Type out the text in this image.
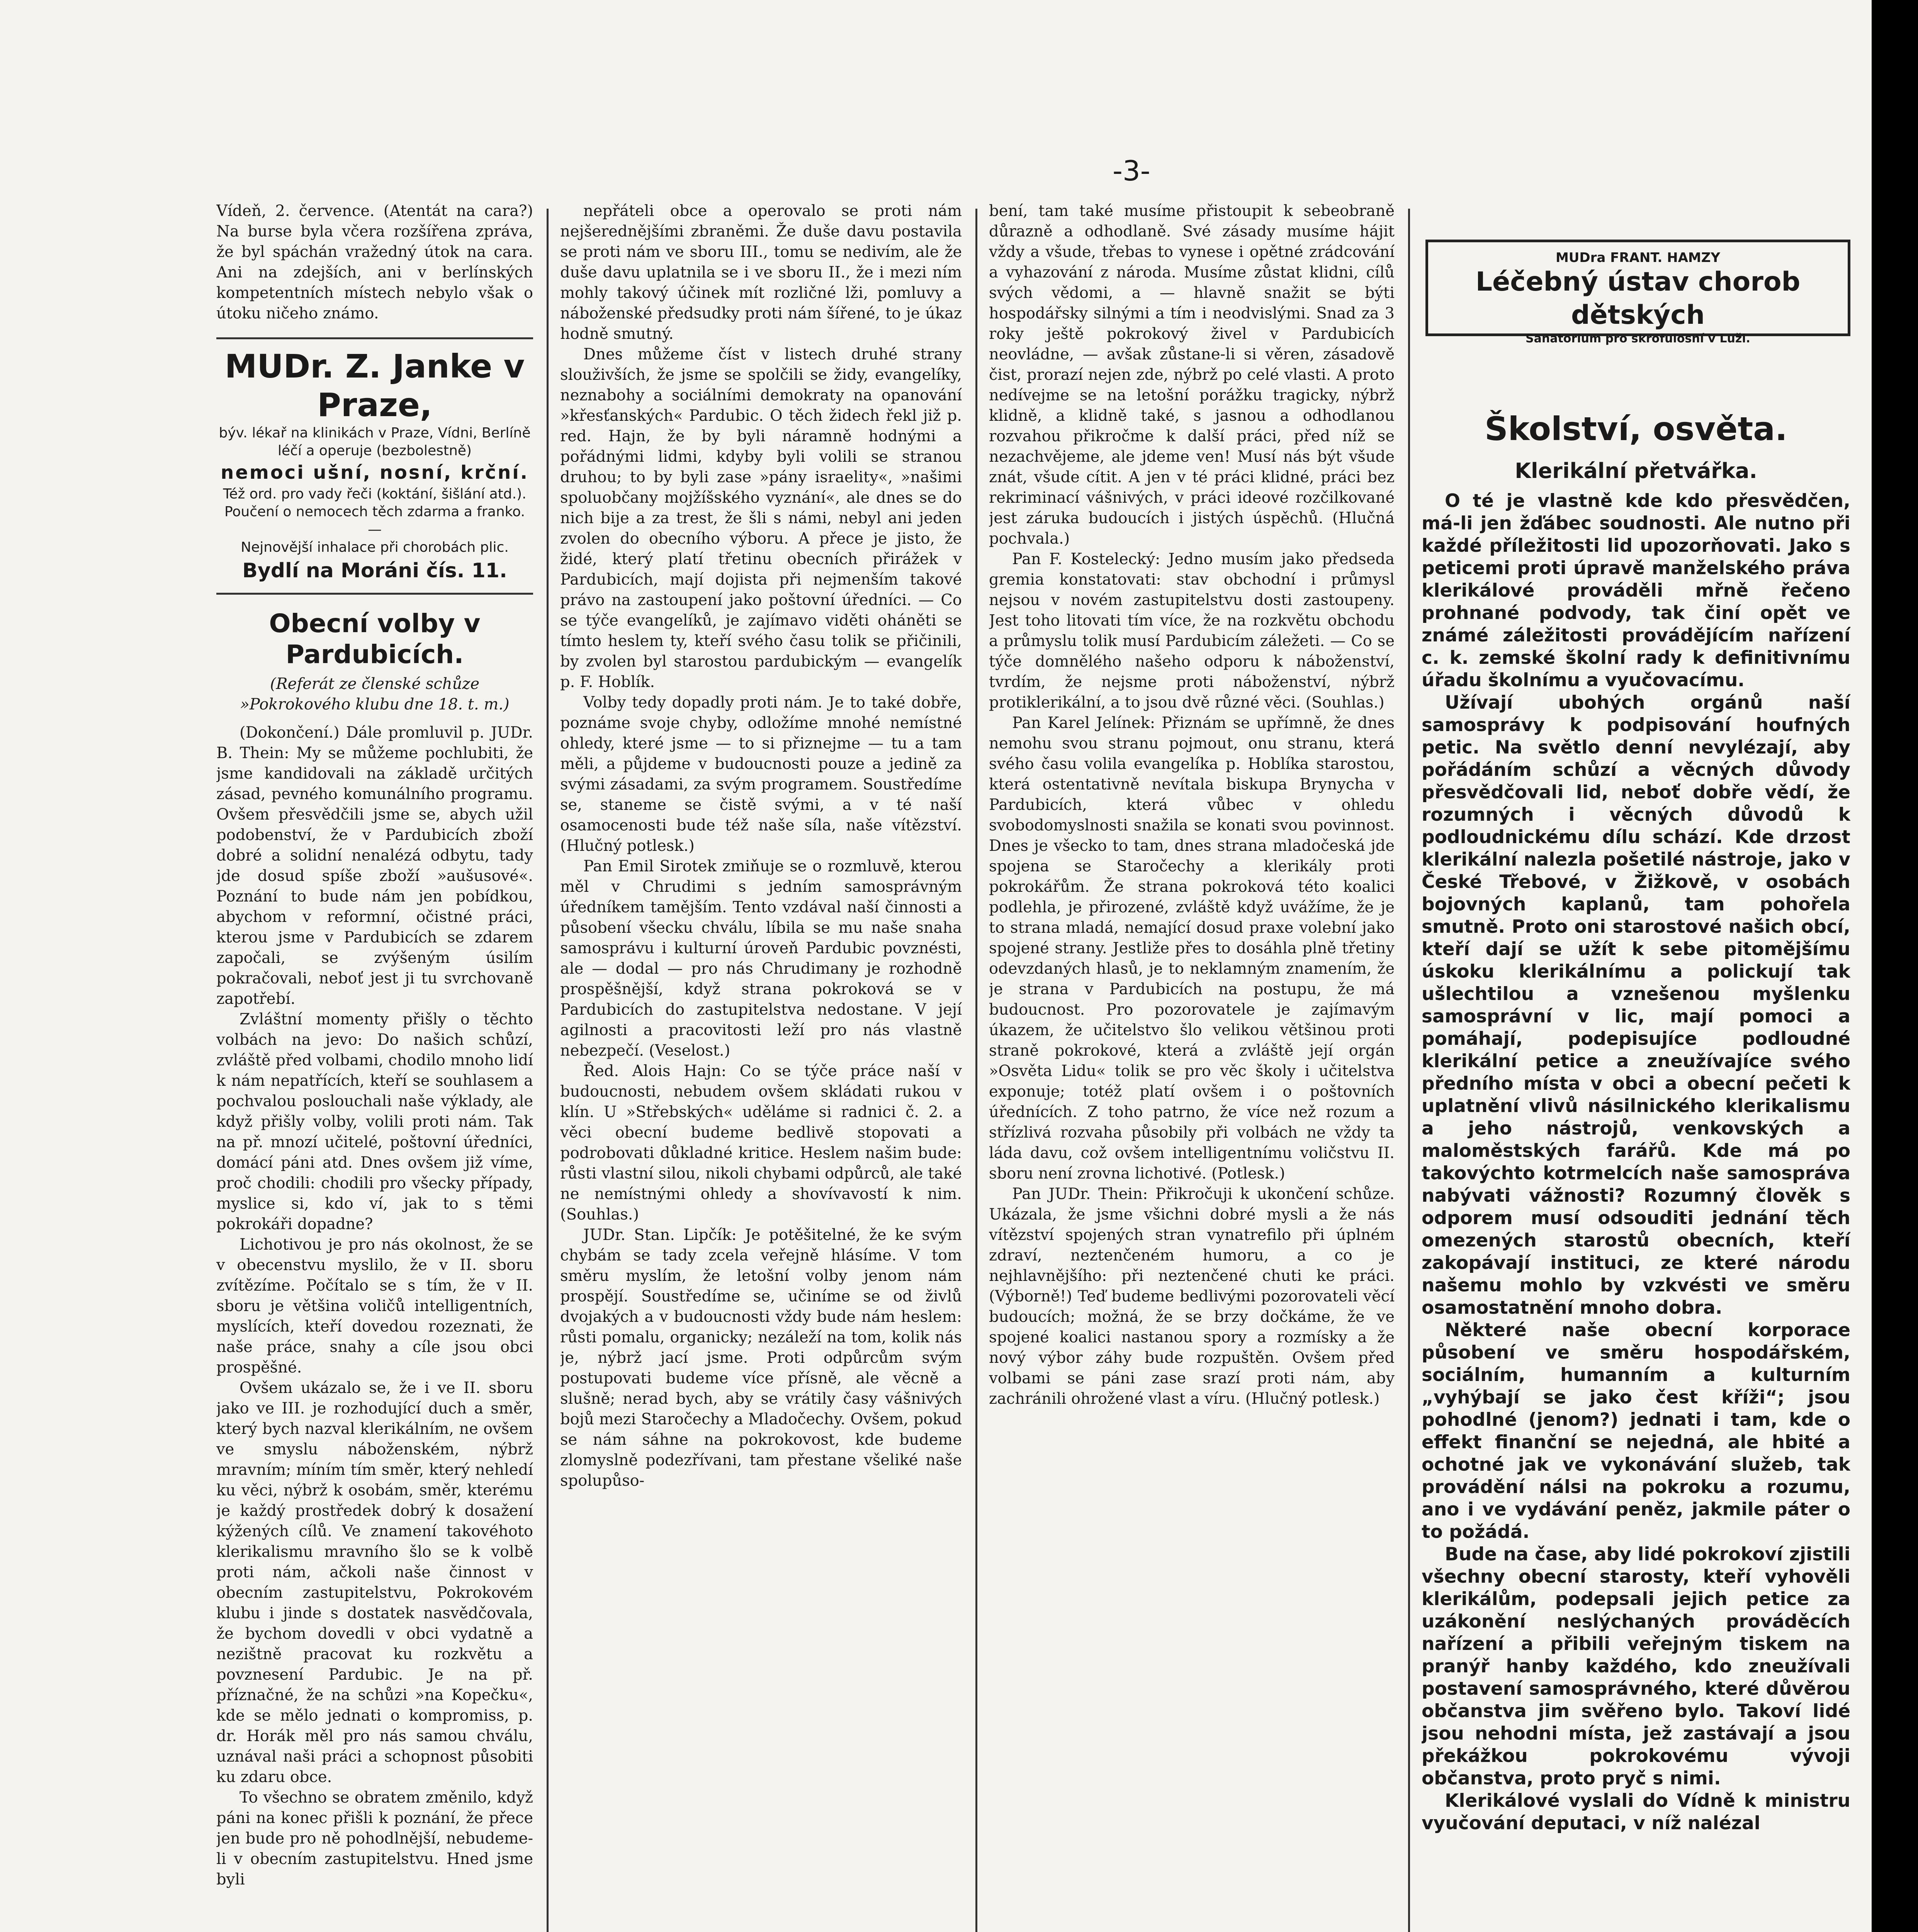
-3-

Vídeň, 2. července. (Atentát na cara?) Na burse byla včera rozšířena zpráva, že byl spáchán vražedný útok na cara. Ani na zdejších, ani v berlínských kompetentních místech nebylo však o útoku ničeho známo.

MUDr. Z. Janke v Praze,
býv. lékař na klinikách v Praze, Vídni, Berlíně
léčí a operuje (bezbolestně)
nemoci ušní, nosní, krční.
Též ord. pro vady řeči (koktání, šišlání atd.).
Poučení o nemocech těch zdarma a franko. —
Nejnovější inhalace při chorobách plic.
Bydlí na Moráni čís. 11.
Obecní volby v Pardubicích.
(Referát ze členské schůze »Pokrokového klubu dne 18. t. m.)

(Dokončení.) Dále promluvil p. JUDr. B. Thein: My se můžeme pochlubiti, že jsme kandidovali na základě určitých zásad, pevného komunálního programu. Ovšem přesvědčili jsme se, abych užil podobenství, že v Pardubicích zboží dobré a solidní nenalézá odbytu, tady jde dosud spíše zboží »aušusové«. Poznání to bude nám jen pobídkou, abychom v reformní, očistné práci, kterou jsme v Pardubicích se zdarem započali, se zvýšeným úsilím pokračovali, neboť jest ji tu svrchovaně zapotřebí.

Zvláštní momenty přišly o těchto volbách na jevo: Do našich schůzí, zvláště před volbami, chodilo mnoho lidí k nám nepatřících, kteří se souhlasem a pochvalou poslouchali naše výklady, ale když přišly volby, volili proti nám. Tak na př. mnozí učitelé, poštovní úředníci, domácí páni atd. Dnes ovšem již víme, proč chodili: chodili pro všecky případy, myslice si, kdo ví, jak to s těmi pokrokáři dopadne?

Lichotivou je pro nás okolnost, že se v obecenstvu myslilo, že v II. sboru zvítězíme. Počítalo se s tím, že v II. sboru je většina voličů intelligentních, myslících, kteří dovedou rozeznati, že naše práce, snahy a cíle jsou obci prospěšné.

Ovšem ukázalo se, že i ve II. sboru jako ve III. je rozhodující duch a směr, který bych nazval klerikálním, ne ovšem ve smyslu náboženském, nýbrž mravním; míním tím směr, který nehledí ku věci, nýbrž k osobám, směr, kterému je každý prostředek dobrý k dosažení kýžených cílů. Ve znamení takovéhoto klerikalismu mravního šlo se k volbě proti nám, ačkoli naše činnost v obecním zastupitelstvu, Pokrokovém klubu i jinde s dostatek nasvědčovala, že bychom dovedli v obci vydatně a nezištně pracovat ku rozkvětu a povznesení Pardubic. Je na př. příznačné, že na schůzi »na Kopečku«, kde se mělo jednati o kompromiss, p. dr. Horák měl pro nás samou chválu, uznával naši práci a schopnost působiti ku zdaru obce.

To všechno se obratem změnilo, když páni na konec přišli k poznání, že přece jen bude pro ně pohodlnější, nebudeme-li v obecním zastupitelstvu. Hned jsme byli

nepřáteli obce a operovalo se proti nám nejšerednějšími zbraněmi. Že duše davu postavila se proti nám ve sboru III., tomu se nedivím, ale že duše davu uplatnila se i ve sboru II., že i mezi ním mohly takový účinek mít rozličné lži, pomluvy a náboženské předsudky proti nám šířené, to je úkaz hodně smutný.

Dnes můžeme číst v listech druhé strany slouživších, že jsme se spolčili se židy, evangelíky, neznabohy a sociálními demokraty na opanování »křesťanských« Pardubic. O těch židech řekl již p. red. Hajn, že by byli náramně hodnými a pořádnými lidmi, kdyby byli volili se stranou druhou; to by byli zase »pány israelity«, »našimi spoluobčany mojžíšského vyznání«, ale dnes se do nich bije a za trest, že šli s námi, nebyl ani jeden zvolen do obecního výboru. A přece je jisto, že židé, který platí třetinu obecních přirážek v Pardubicích, mají dojista při nejmenším takové právo na zastoupení jako poštovní úředníci. — Co se týče evangelíků, je zajímavo viděti oháněti se tímto heslem ty, kteří svého času tolik se přičinili, by zvolen byl starostou pardubickým — evangelík p. F. Hoblík.

Volby tedy dopadly proti nám. Je to také dobře, poznáme svoje chyby, odložíme mnohé nemístné ohledy, které jsme — to si přiznejme — tu a tam měli, a půjdeme v budoucnosti pouze a jedině za svými zásadami, za svým programem. Soustředíme se, staneme se čistě svými, a v té naší osamocenosti bude též naše síla, naše vítězství. (Hlučný potlesk.)

Pan Emil Sirotek zmiňuje se o rozmluvě, kterou měl v Chrudimi s jedním samosprávným úředníkem tamějším. Tento vzdával naší činnosti a působení všecku chválu, líbila se mu naše snaha samosprávu i kulturní úroveň Pardubic povznésti, ale — dodal — pro nás Chrudimany je rozhodně prospěšnější, když strana pokroková se v Pardubicích do zastupitelstva nedostane. V její agilnosti a pracovitosti leží pro nás vlastně nebezpečí. (Veselost.)

Řed. Alois Hajn: Co se týče práce naší v budoucnosti, nebudem ovšem skládati rukou v klín. U »Střebských« uděláme si radnici č. 2. a věci obecní budeme bedlivě stopovati a podrobovati důkladné kritice. Heslem našim bude: růsti vlastní silou, nikoli chybami odpůrců, ale také ne nemístnými ohledy a shovívavostí k nim. (Souhlas.)

JUDr. Stan. Lipčík: Je potěšitelné, že ke svým chybám se tady zcela veřejně hlásíme. V tom směru myslím, že letošní volby jenom nám prospějí. Soustředíme se, učiníme se od živlů dvojakých a v budoucnosti vždy bude nám heslem: růsti pomalu, organicky; nezáleží na tom, kolik nás je, nýbrž jací jsme. Proti odpůrcům svým postupovati budeme více přísně, ale věcně a slušně; nerad bych, aby se vrátily časy vášnivých bojů mezi Staročechy a Mladočechy. Ovšem, pokud se nám sáhne na pokrokovost, kde budeme zlomyslně podezřívani, tam přestane všeliké naše spolupůso-

bení, tam také musíme přistoupit k sebeobraně důrazně a odhodlaně. Své zásady musíme hájit vždy a všude, třebas to vynese i opětné zrádcování a vyhazování z národa. Musíme zůstat klidni, cílů svých vědomi, a — hlavně snažit se býti hospodářsky silnými a tím i neodvislými. Snad za 3 roky ještě pokrokový živel v Pardubicích neovládne, — avšak zůstane-li si věren, zásadově čist, prorazí nejen zde, nýbrž po celé vlasti. A proto nedívejme se na letošní porážku tragicky, nýbrž klidně, a klidně také, s jasnou a odhodlanou rozvahou přikročme k další práci, před níž se nezachvějeme, ale jdeme ven! Musí nás být všude znát, všude cítit. A jen v té práci klidné, práci bez rekriminací vášnivých, v práci ideové rozčilkované jest záruka budoucích i jistých úspěchů. (Hlučná pochvala.)

Pan F. Kostelecký: Jedno musím jako předseda gremia konstatovati: stav obchodní i průmysl nejsou v novém zastupitelstvu dosti zastoupeny. Jest toho litovati tím více, že na rozkvětu obchodu a průmyslu tolik musí Pardubicím záležeti. — Co se týče domnělého našeho odporu k náboženství, tvrdím, že nejsme proti náboženství, nýbrž protiklerikální, a to jsou dvě různé věci. (Souhlas.)

Pan Karel Jelínek: Přiznám se upřímně, že dnes nemohu svou stranu pojmout, onu stranu, která svého času volila evangelíka p. Hoblíka starostou, která ostentativně nevítala biskupa Brynycha v Pardubicích, která vůbec v ohledu svobodomyslnosti snažila se konati svou povinnost. Dnes je všecko to tam, dnes strana mladočeská jde spojena se Staročechy a klerikály proti pokrokářům. Že strana pokroková této koalici podlehla, je přirozené, zvláště když uvážíme, že je to strana mladá, nemající dosud praxe volební jako spojené strany. Jestliže přes to dosáhla plně třetiny odevzdaných hlasů, je to neklamným znamením, že je strana v Pardubicích na postupu, že má budoucnost. Pro pozorovatele je zajímavým úkazem, že učitelstvo šlo velikou většinou proti straně pokrokové, která a zvláště její orgán »Osvěta Lidu« tolik se pro věc školy i učitelstva exponuje; totéž platí ovšem i o poštovních úřednících. Z toho patrno, že více než rozum a střízlivá rozvaha působily při volbách ne vždy ta láda davu, což ovšem intelligentnímu voličstvu II. sboru není zrovna lichotivé. (Potlesk.)

Pan JUDr. Thein: Přikročuji k ukončení schůze. Ukázala, že jsme všichni dobré mysli a že nás vítězství spojených stran vynatrefilo při úplném zdraví, neztenčeném humoru, a co je nejhlavnějšího: při neztenčené chuti ke práci. (Výborně!) Teď budeme bedlivými pozorovateli věcí budoucích; možná, že se brzy dočkáme, že ve spojené koalici nastanou spory a rozmísky a že nový výbor záhy bude rozpuštěn. Ovšem před volbami se páni zase srazí proti nám, aby zachránili ohrožené vlast a víru. (Hlučný potlesk.)

MUDra FRANT. HAMZY
Léčebný ústav chorob dětských
Sanatorium pro skrofulosní v Luži.
Školství, osvěta.
Klerikální přetvářka.

O té je vlastně kde kdo přesvědčen, má-li jen žďábec soudnosti. Ale nutno při každé příležitosti lid upozorňovati. Jako s peticemi proti úpravě manželského práva klerikálové prováděli mřně řečeno prohnané podvody, tak činí opět ve známé záležitosti provádějícím nařízení c. k. zemské školní rady k definitivnímu úřadu školnímu a vyučovacímu.

Užívají ubohých orgánů naší samosprávy k podpisování houfných petic. Na světlo denní nevylézají, aby pořádáním schůzí a věcných důvody přesvědčovali lid, neboť dobře vědí, že rozumných i věcných důvodů k podloudnickému dílu schází. Kde drzost klerikální nalezla pošetilé nástroje, jako v České Třebové, v Žižkově, v osobách bojovných kaplanů, tam pohořela smutně. Proto oni starostové našich obcí, kteří dají se užít k sebe pitomějšímu úskoku klerikálnímu a polickují tak ušlechtilou a vznešenou myšlenku samosprávní v lic, mají pomoci a pomáhají, podepisujíce podloudné klerikální petice a zneužívajíce svého předního místa v obci a obecní pečeti k uplatnění vlivů násilnického klerikalismu a jeho nástrojů, venkovských a maloměstských farářů. Kde má po takovýchto kotrmelcích naše samospráva nabývati vážnosti? Rozumný člověk s odporem musí odsouditi jednání těch omezených starostů obecních, kteří zakopávají instituci, ze které národu našemu mohlo by vzkvésti ve směru osamostatnění mnoho dobra.

Některé naše obecní korporace působení ve směru hospodářském, sociálním, humanním a kulturním „vyhýbají se jako čest kříži“; jsou pohodlné (jenom?) jednati i tam, kde o effekt finanční se nejedná, ale hbité a ochotné jak ve vykonávání služeb, tak provádění nálsi na pokroku a rozumu, ano i ve vydávání peněz, jakmile páter o to požádá.

Bude na čase, aby lidé pokrokoví zjistili všechny obecní starosty, kteří vyhověli klerikálům, podepsali jejich petice za uzákonění neslýchaných prováděcích nařízení a přibili veřejným tiskem na pranýř hanby každého, kdo zneužívali postavení samosprávného, které důvěrou občanstva jim svěřeno bylo. Takoví lidé jsou nehodni místa, jež zastávají a jsou překážkou pokrokovému vývoji občanstva, proto pryč s nimi.

Klerikálové vyslali do Vídně k ministru vyučování deputaci, v níž nalézal
